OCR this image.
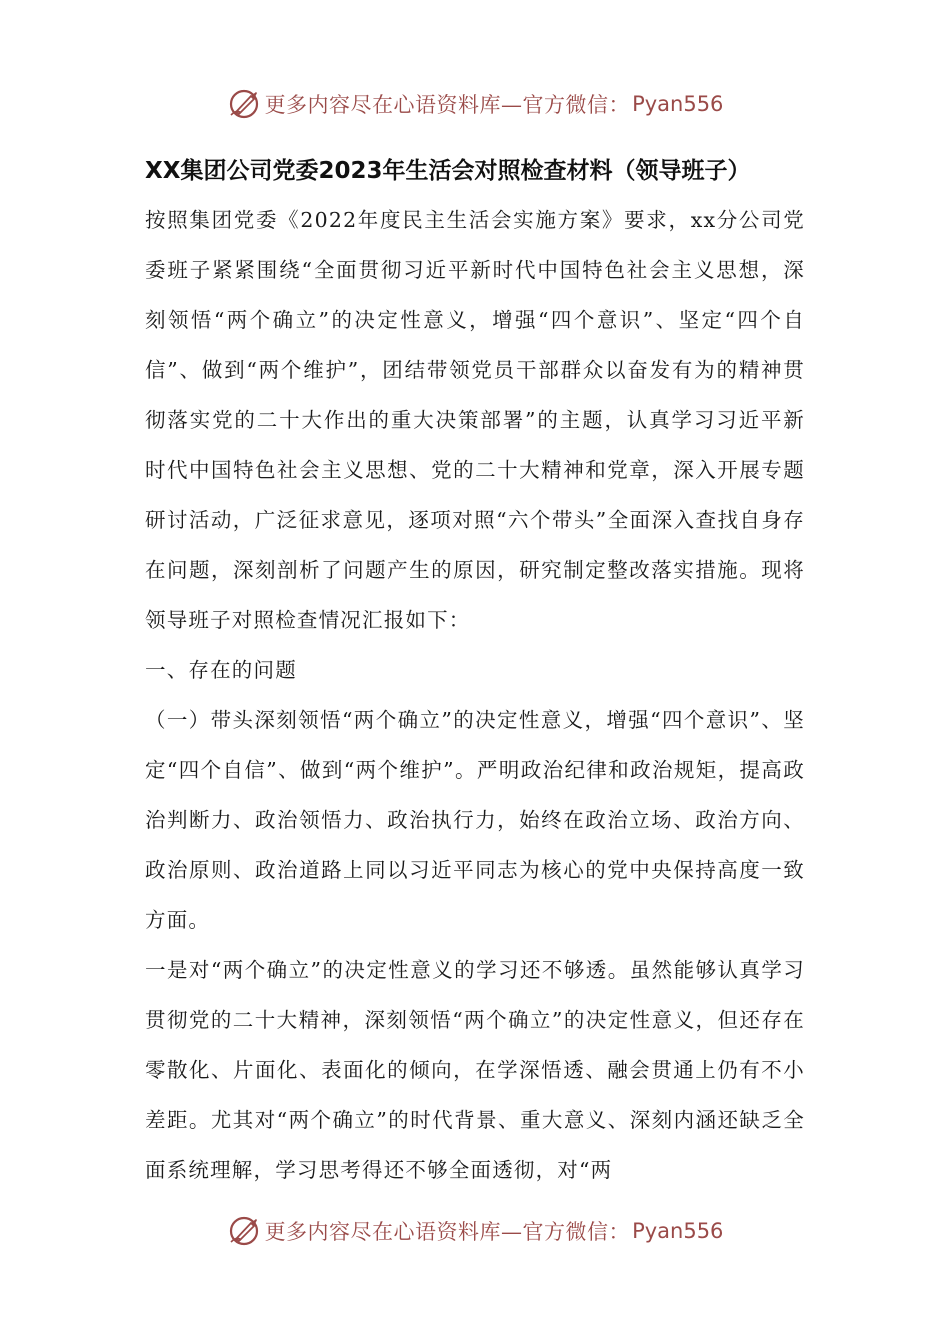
更多内容尽在心语资料库—官方微信： Pyan556
XX集团公司党委2023年生活会对照检查材料（领导班子）

按照集团党委《2022年度民主生活会实施方案》要求，xx分公司党委班子紧紧围绕“全面贯彻习近平新时代中国特色社会主义思想，深刻领悟“两个确立”的决定性意义，增强“四个意识”、坚定“四个自信”、做到“两个维护”，团结带领党员干部群众以奋发有为的精神贯彻落实党的二十大作出的重大决策部署”的主题，认真学习习近平新时代中国特色社会主义思想、党的二十大精神和党章，深入开展专题研讨活动，广泛征求意见，逐项对照“六个带头”全面深入查找自身存在问题，深刻剖析了问题产生的原因，研究制定整改落实措施。现将领导班子对照检查情况汇报如下：

一、存在的问题

（一）带头深刻领悟“两个确立”的决定性意义，增强“四个意识”、坚定“四个自信”、做到“两个维护”。严明政治纪律和政治规矩，提高政治判断力、政治领悟力、政治执行力，始终在政治立场、政治方向、政治原则、政治道路上同以习近平同志为核心的党中央保持高度一致方面。

一是对“两个确立”的决定性意义的学习还不够透。虽然能够认真学习贯彻党的二十大精神，深刻领悟“两个确立”的决定性意义，但还存在零散化、片面化、表面化的倾向，在学深悟透、融会贯通上仍有不小差距。尤其对“两个确立”的时代背景、重大意义、深刻内涵还缺乏全面系统理解，学习思考得还不够全面透彻，对“两

更多内容尽在心语资料库—官方微信： Pyan556
